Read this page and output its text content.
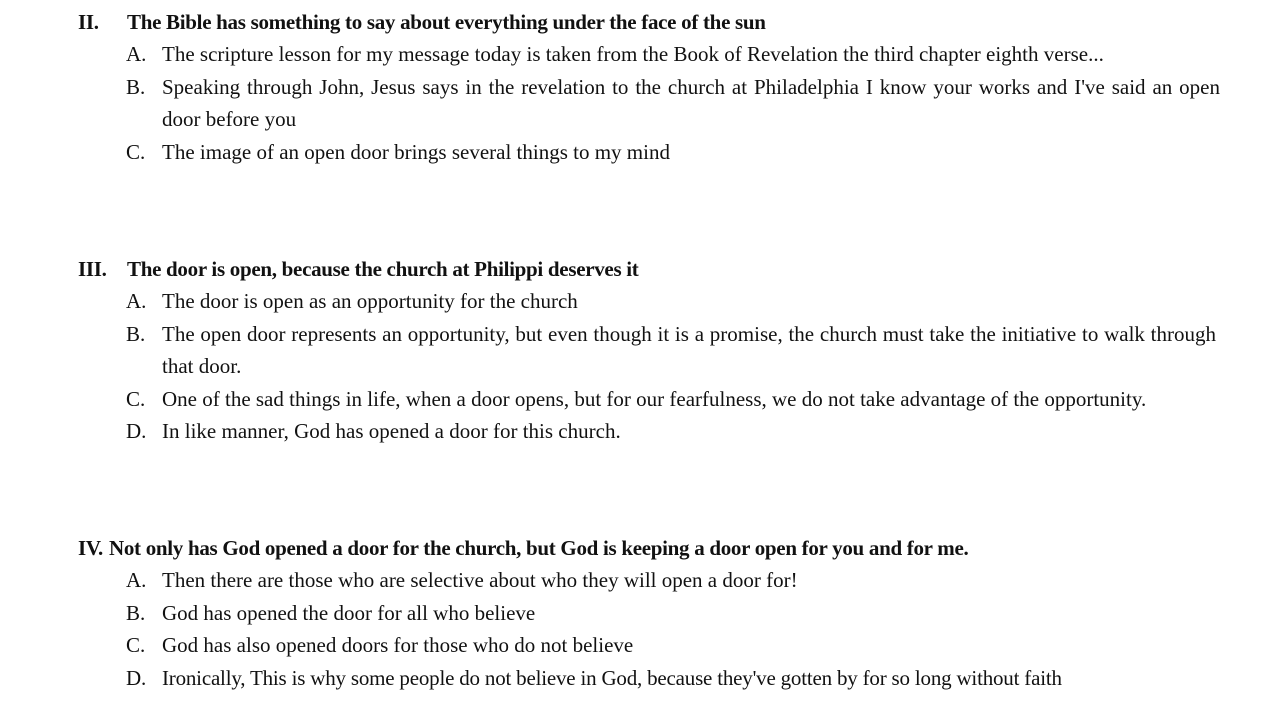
II. The Bible has something to say about everything under the face of the sun
A. The scripture lesson for my message today is taken from the Book of Revelation the third chapter eighth verse...
B. Speaking through John, Jesus says in the revelation to the church at Philadelphia I know your works and I've said an open door before you
C. The image of an open door brings several things to my mind
III. The door is open, because the church at Philippi deserves it
A. The door is open as an opportunity for the church
B. The open door represents an opportunity, but even though it is a promise, the church must take the initiative to walk through that door.
C. One of the sad things in life, when a door opens, but for our fearfulness, we do not take advantage of the opportunity.
D. In like manner, God has opened a door for this church.
IV. Not only has God opened a door for the church, but God is keeping a door open for you and for me.
A. Then there are those who are selective about who they will open a door for!
B. God has opened the door for all who believe
C. God has also opened doors for those who do not believe
D. Ironically, This is why some people do not believe in God, because they've gotten by for so long without faith
